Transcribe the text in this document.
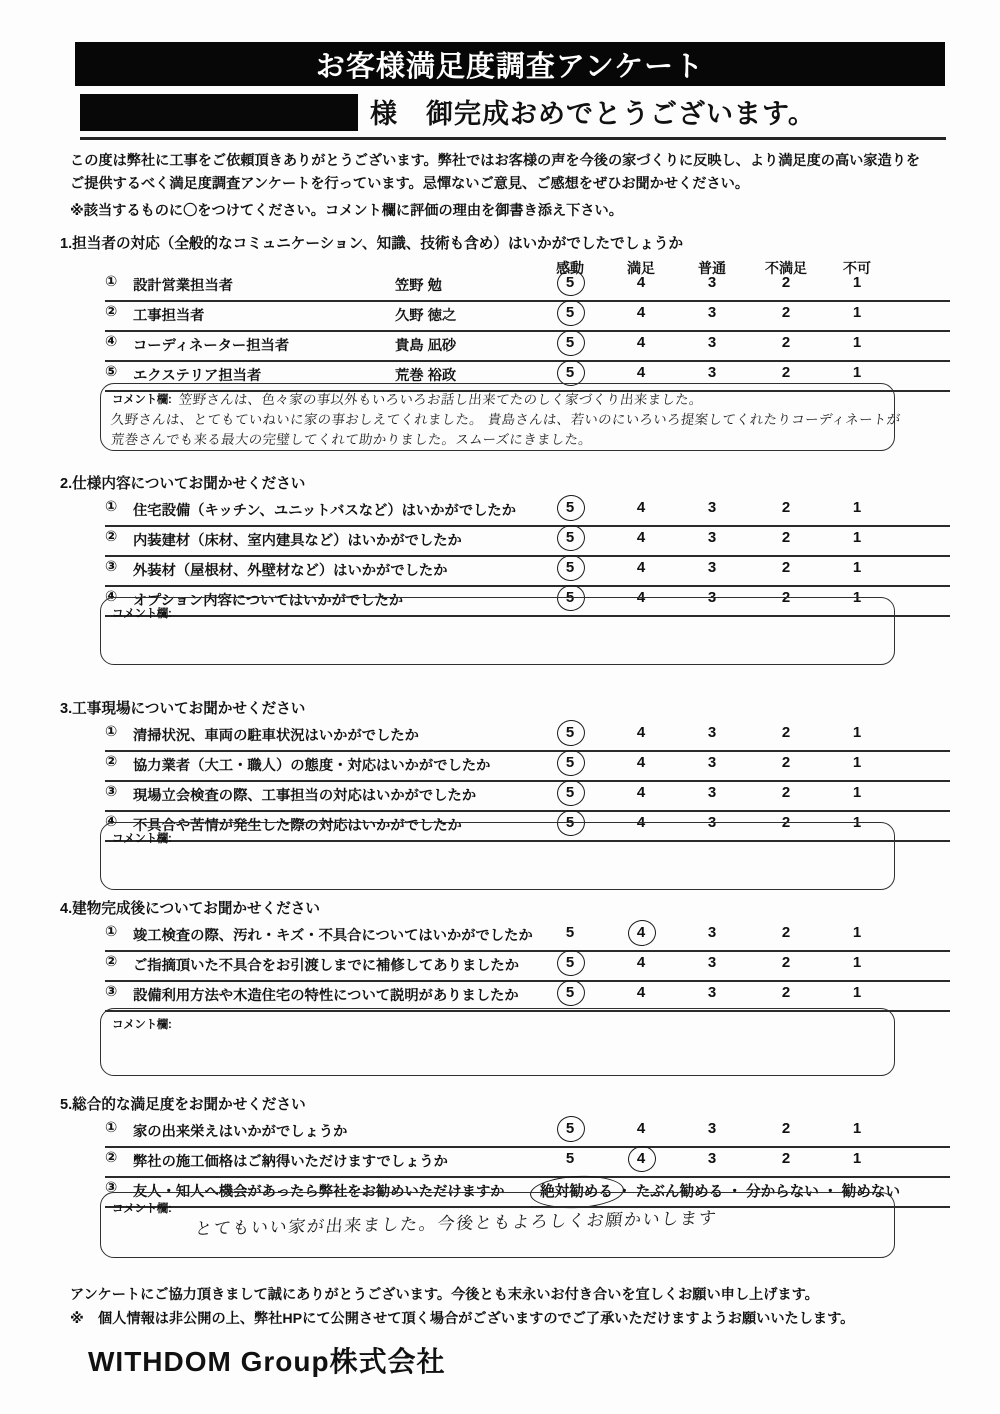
お客様満足度調査アンケート
様　御完成おめでとうございます。

この度は弊社に工事をご依頼頂きありがとうございます。弊社ではお客様の声を今後の家づくりに反映し、より満足度の高い家造りを

ご提供するべく満足度調査アンケートを行っています。忌憚ないご意見、ご感想をぜひお聞かせください。

※該当するものに〇をつけてください。コメント欄に評価の理由を御書き添え下さい。

1.担当者の対応（全般的なコミュニケーション、知識、技術も含め）はいかがでしたでしょうか
感動	満足	普通	不満足	不可
① 設計営業担当者	笠野 勉	5	4	3	2	1
② 工事担当者	久野 徳之	5	4	3	2	1
④ コーディネーター担当者	貴島 凪砂	5	4	3	2	1
⑤ エクステリア担当者	荒巻 裕政	5	4	3	2	1
コメント欄: 笠野さんは、色々家の事以外もいろいろお話し出来てたのしく家づくり出来ました。
久野さんは、とてもていねいに家の事おしえてくれました。 貴島さんは、若いのにいろいろ提案してくれたりコーディネートが
荒巻さんでも来る最大の完璧してくれて助かりました。スムーズにきました。
2.仕様内容についてお聞かせください
① 住宅設備（キッチン、ユニットバスなど）はいかがでしたか	5	4	3	2	1
② 内装建材（床材、室内建具など）はいかがでしたか	5	4	3	2	1
③ 外装材（屋根材、外壁材など）はいかがでしたか	5	4	3	2	1
④ オプション内容についてはいかがでしたか	5	4	3	2	1
コメント欄:
3.工事現場についてお聞かせください
① 清掃状況、車両の駐車状況はいかがでしたか	5	4	3	2	1
② 協力業者（大工・職人）の態度・対応はいかがでしたか	5	4	3	2	1
③ 現場立会検査の際、工事担当の対応はいかがでしたか	5	4	3	2	1
④ 不具合や苦情が発生した際の対応はいかがでしたか	5	4	3	2	1
コメント欄:
4.建物完成後についてお聞かせください
① 竣工検査の際、汚れ・キズ・不具合についてはいかがでしたか	5	4	3	2	1
② ご指摘頂いた不具合をお引渡しまでに補修してありましたか	5	4	3	2	1
③ 設備利用方法や木造住宅の特性について説明がありましたか	5	4	3	2	1
コメント欄:
5.総合的な満足度をお聞かせください
① 家の出来栄えはいかがでしょうか	5	4	3	2	1
② 弊社の施工価格はご納得いただけますでしょうか	5	4	3	2	1
③ 友人・知人へ機会があったら弊社をお勧めいただけますか 絶対勧める ・ たぶん勧める ・ 分からない ・ 勧めない
コメント欄: とてもいい家が出来ました。今後ともよろしくお願かいします
アンケートにご協力頂きまして誠にありがとうございます。今後とも末永いお付き合いを宜しくお願い申し上げます。
※　個人情報は非公開の上、弊社HPにて公開させて頂く場合がございますのでご了承いただけますようお願いいたします。
WITHDOM Group株式会社
